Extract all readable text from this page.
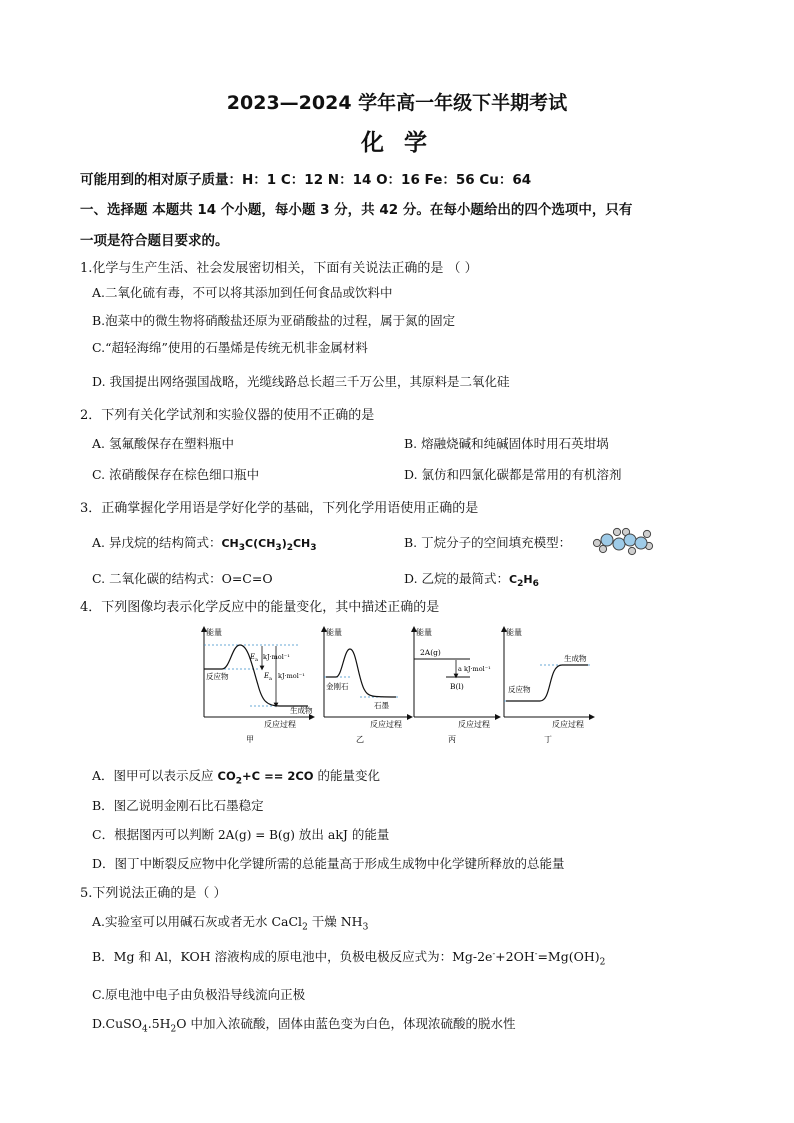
2023—2024 学年高一年级下半期考试
化 学
可能用到的相对原子质量：H：1 C：12 N：14 O：16 Fe：56 Cu：64
一、选择题 本题共 14 个小题，每小题 3 分，共 42 分。在每小题给出的四个选项中，只有
一项是符合题目要求的。
1.化学与生产生活、社会发展密切相关，下面有关说法正确的是 （ ）
A.二氧化硫有毒，不可以将其添加到任何食品或饮料中
B.泡菜中的微生物将硝酸盐还原为亚硝酸盐的过程，属于氮的固定
C.“超轻海绵”使用的石墨烯是传统无机非金属材料
D. 我国提出网络强国战略，光缆线路总长超三千万公里，其原料是二氧化硅
2．下列有关化学试剂和实验仪器的使用不正确的是
A. 氢氟酸保存在塑料瓶中	B. 熔融烧碱和纯碱固体时用石英坩埚
C. 浓硝酸保存在棕色细口瓶中	D. 氯仿和四氯化碳都是常用的有机溶剂
3．正确掌握化学用语是学好化学的基础，下列化学用语使用正确的是
A. 异戊烷的结构简式：$CH_3C(CH_3)_2CH_3$	B. 丁烷分子的空间填充模型：
C. 二氧化碳的结构式：O=C=O	D. 乙烷的最简式：$C_2H_6$
4．下列图像均表示化学反应中的能量变化，其中描述正确的是
能量
反应过程
E a kJ·mol⁻¹
E a kJ·mol⁻¹
反应物
生成物
甲
能量
反应过程
金刚石
石墨
乙
能量
反应过程
2A(g)
a kJ·mol⁻¹
B(l)
丙
能量
反应过程
反应物
生成物
丁
A．图甲可以表示反应 $CO_2+C == 2CO$ 的能量变化
B．图乙说明金刚石比石墨稳定
C．根据图丙可以判断 2A(g) = B(g) 放出 akJ 的能量
D．图丁中断裂反应物中化学键所需的总能量高于形成生成物中化学键所释放的总能量
5.下列说法正确的是（ ）
A.实验室可以用碱石灰或者无水 CaCl$_2$ 干燥 $NH_3$
B．Mg 和 Al，KOH 溶液构成的原电池中，负极电极反应式为：$Mg-2e^-+2OH^-=Mg(OH)_2$
C.原电池中电子由负极沿导线流向正极
$D.CuSO_4.5H_2O$ 中加入浓硫酸，固体由蓝色变为白色，体现浓硫酸的脱水性
